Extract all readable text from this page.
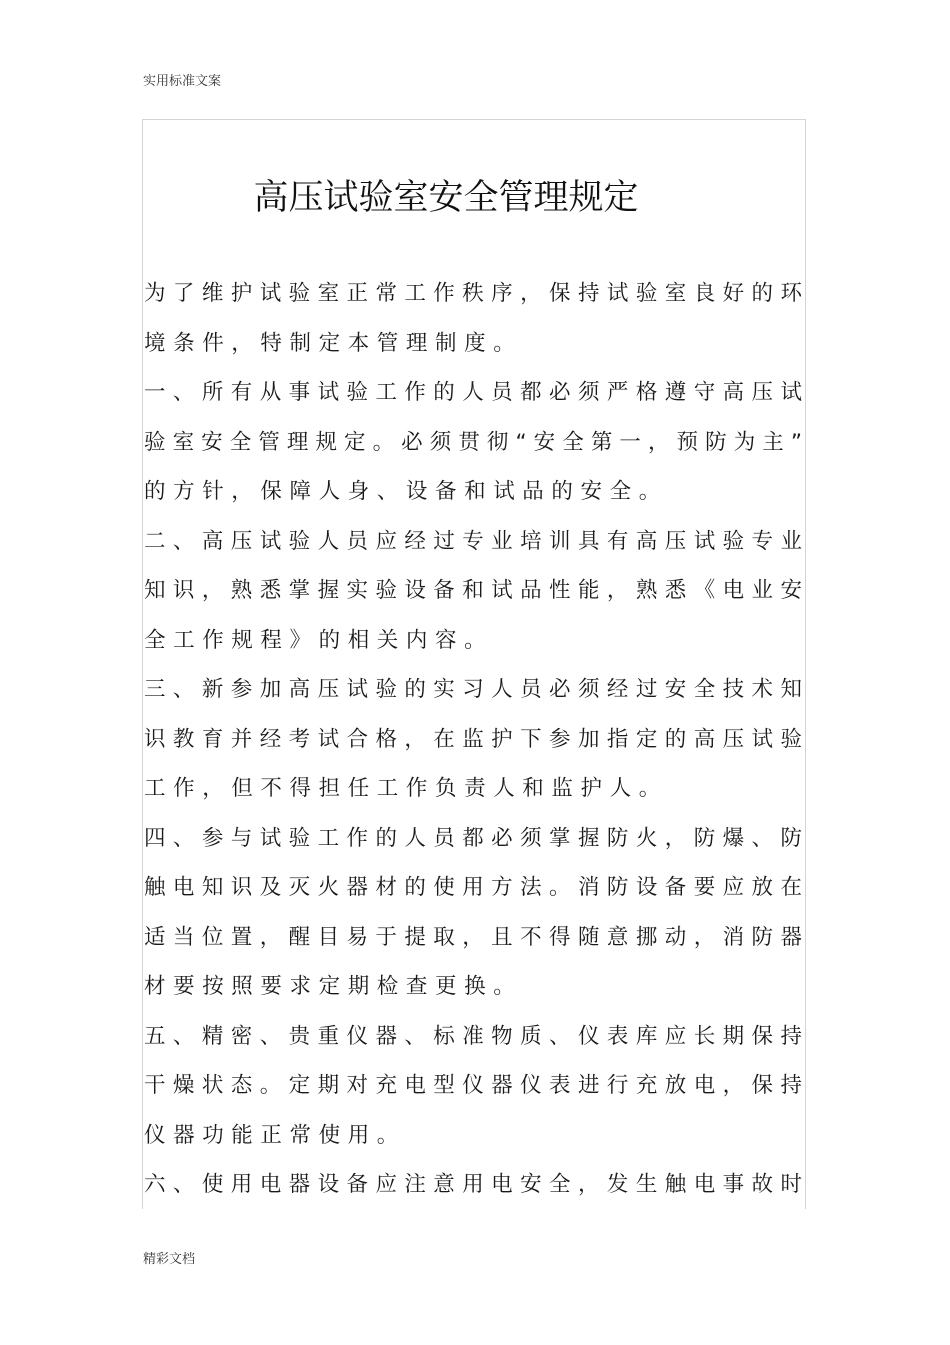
实用标准文案
高压试验室安全管理规定
为了维护试验室正常工作秩序，保持试验室良好的环
境条件，特制定本管理制度。
一、所有从事试验工作的人员都必须严格遵守高压试
验室安全管理规定。必须贯彻“安全第一，预防为主”
的方针，保障人身、设备和试品的安全。
二、高压试验人员应经过专业培训具有高压试验专业
知识，熟悉掌握实验设备和试品性能，熟悉《电业安
全工作规程》的相关内容。
三、新参加高压试验的实习人员必须经过安全技术知
识教育并经考试合格，在监护下参加指定的高压试验
工作，但不得担任工作负责人和监护人。
四、参与试验工作的人员都必须掌握防火，防爆、防
触电知识及灭火器材的使用方法。消防设备要应放在
适当位置，醒目易于提取，且不得随意挪动，消防器
材要按照要求定期检查更换。
五、精密、贵重仪器、标准物质、仪表库应长期保持
干燥状态。定期对充电型仪器仪表进行充放电，保持
仪器功能正常使用。
六、使用电器设备应注意用电安全，发生触电事故时
精彩文档
